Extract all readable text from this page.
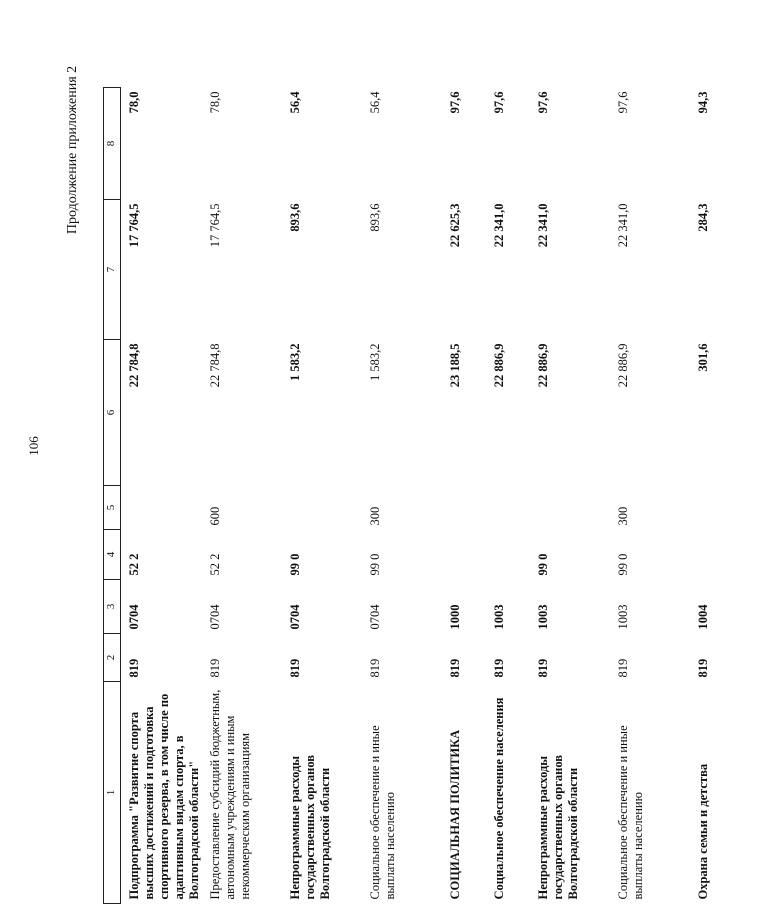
106
Продолжение приложения 2
1	2	3	4	5	6	7	8
Подпрограмма "Развитие спорта высших достижений и подготовка спортивного резерва, в том числе по адаптивным видам спорта, в Волгоградской области"	819	0704	52 2		22 784,8	17 764,5	78,0
Предоставление субсидий бюджетным, автономным учреждениям и иным некоммерческим организациям	819	0704	52 2	600	22 784,8	17 764,5	78,0
Непрограммные расходы государственных органов Волгоградской области	819	0704	99 0		1 583,2	893,6	56,4
Социальное обеспечение и иные выплаты населению	819	0704	99 0	300	1 583,2	893,6	56,4
СОЦИАЛЬНАЯ ПОЛИТИКА	819	1000			23 188,5	22 625,3	97,6
Социальное обеспечение населения	819	1003			22 886,9	22 341,0	97,6
Непрограммные расходы государственных органов Волгоградской области	819	1003	99 0		22 886,9	22 341,0	97,6
Социальное обеспечение и иные выплаты населению	819	1003	99 0	300	22 886,9	22 341,0	97,6
Охрана семьи и детства	819	1004			301,6	284,3	94,3
